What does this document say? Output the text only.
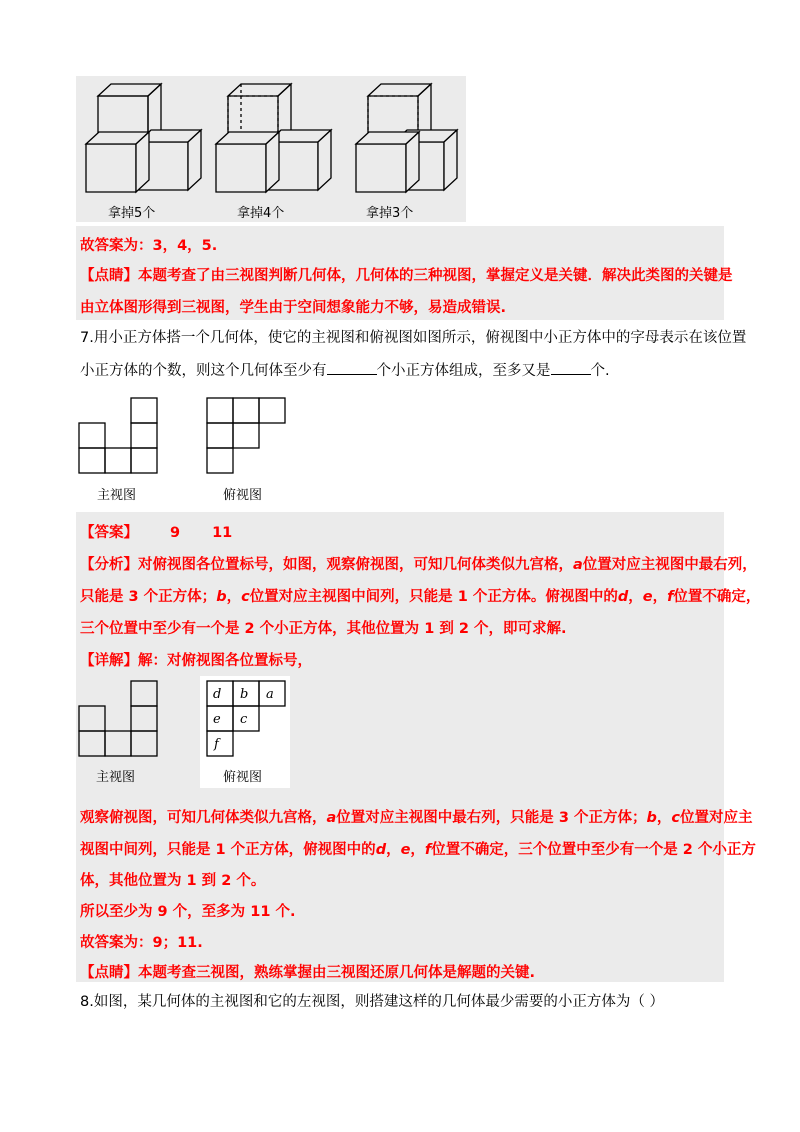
拿掉5个	拿掉4个	拿掉3个
故答案为：3，4，5.
【点睛】本题考查了由三视图判断几何体，几何体的三种视图，掌握定义是关键．解决此类图的关键是
由立体图形得到三视图，学生由于空间想象能力不够，易造成错误.
7.用小正方体搭一个几何体，使它的主视图和俯视图如图所示，俯视图中小正方体中的字母表示在该位置
小正方体的个数，则这个几何体至少有	个小正方体组成，至多又是	个.
主视图	俯视图
【答案】 9 11
【分析】对俯视图各位置标号，如图，观察俯视图，可知几何体类似九宫格，a位置对应主视图中最右列，
只能是 3 个正方体；b，c位置对应主视图中间列，只能是 1 个正方体。俯视图中的d，e，f位置不确定，
三个位置中至少有一个是 2 个小正方体，其他位置为 1 到 2 个，即可求解.
【详解】解：对俯视图各位置标号，
主视图
d b a
e c
f
俯视图
观察俯视图，可知几何体类似九宫格，a位置对应主视图中最右列，只能是 3 个正方体；b，c位置对应主
视图中间列，只能是 1 个正方体，俯视图中的d，e，f位置不确定，三个位置中至少有一个是 2 个小正方
体，其他位置为 1 到 2 个。
所以至少为 9 个，至多为 11 个.
故答案为：9；11.
【点睛】本题考查三视图，熟练掌握由三视图还原几何体是解题的关键.
8.如图，某几何体的主视图和它的左视图，则搭建这样的几何体最少需要的小正方体为（ ）
